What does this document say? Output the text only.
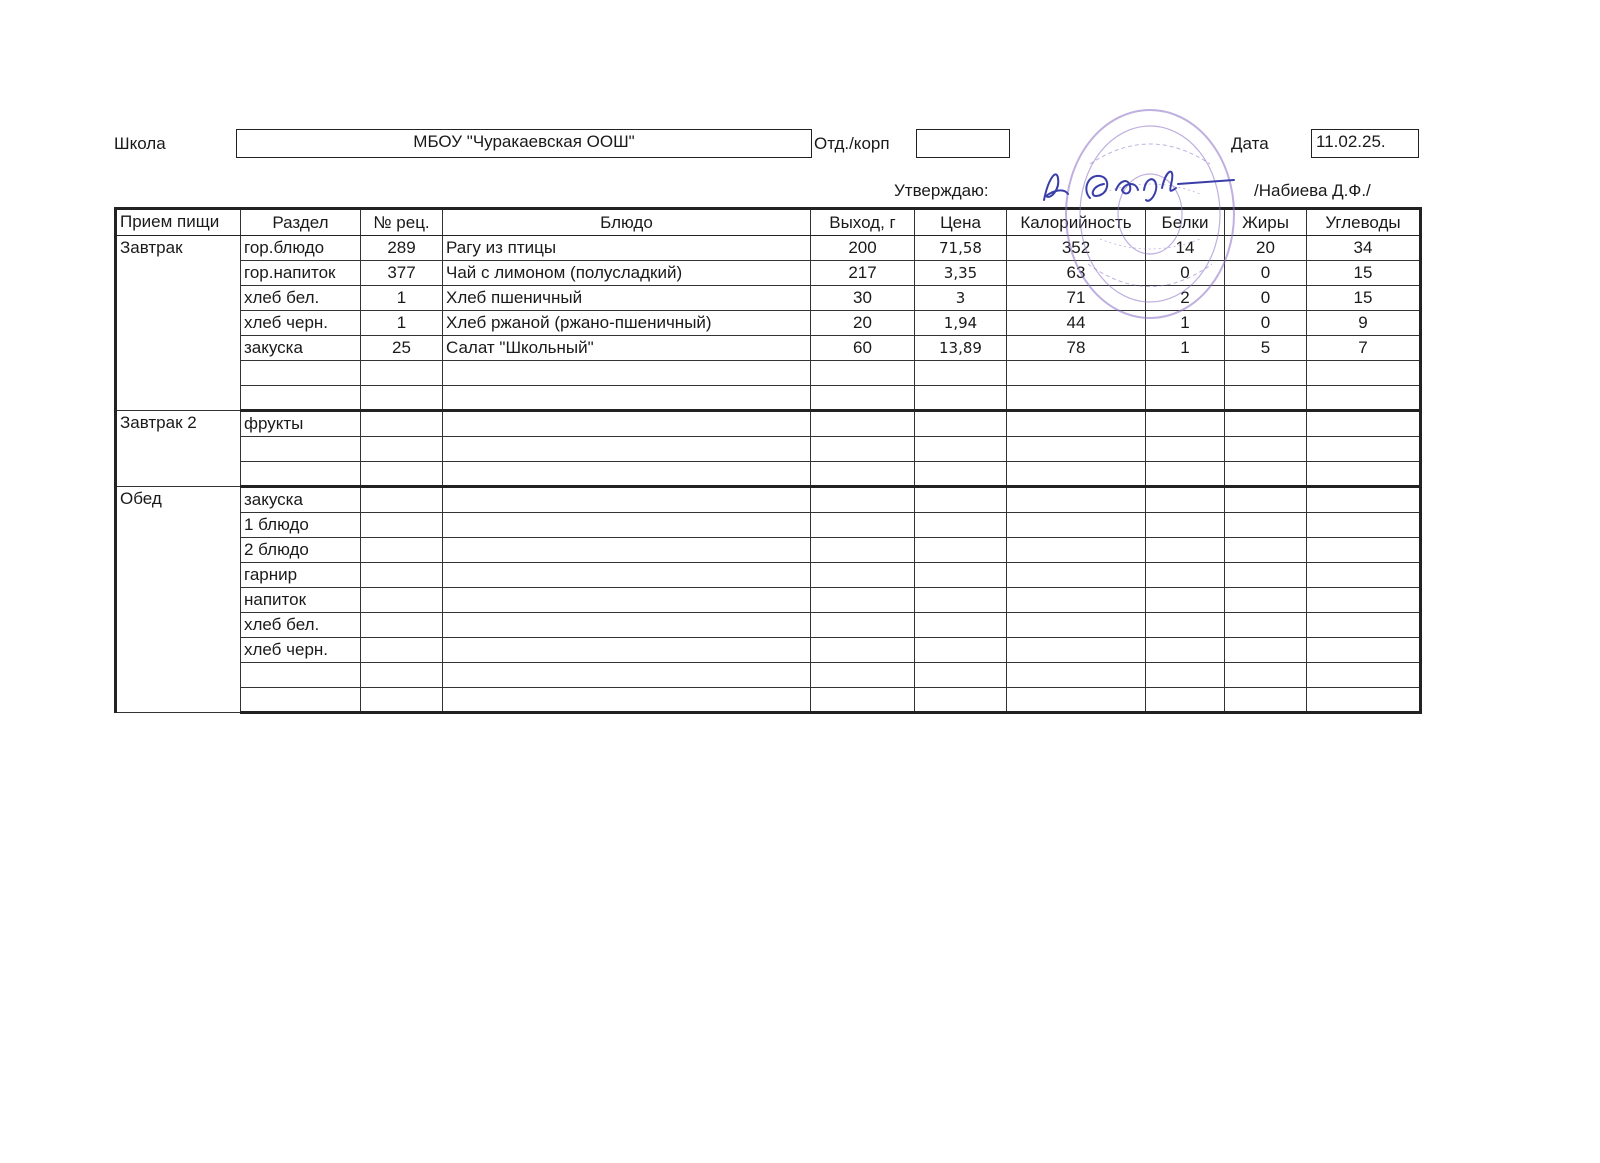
Школа	МБОУ "Чуракаевская ООШ"	Отд./корп	Дата	11.02.25.
Утверждаю:	/Набиева Д.Ф./
Прием пищи	Раздел	№ рец.	Блюдо	Выход, г	Цена	Калорийность	Белки	Жиры	Углеводы
Завтрак	гор.блюдо	289	Рагу из птицы	200	71,58	352	14	20	34
	гор.напиток	377	Чай с лимоном (полусладкий)	217	3,35	63	0	0	15
	хлеб бел.	1	Хлеб пшеничный	30	3	71	2	0	15
	хлеб черн.	1	Хлеб ржаной (ржано-пшеничный)	20	1,94	44	1	0	9
	закуска	25	Салат "Школьный"	60	13,89	78	1	5	7

Завтрак 2	фрукты								

Обед	закуска								
	1 блюдо								
	2 блюдо								
	гарнир								
	напиток								
	хлеб бел.								
	хлеб черн.								
